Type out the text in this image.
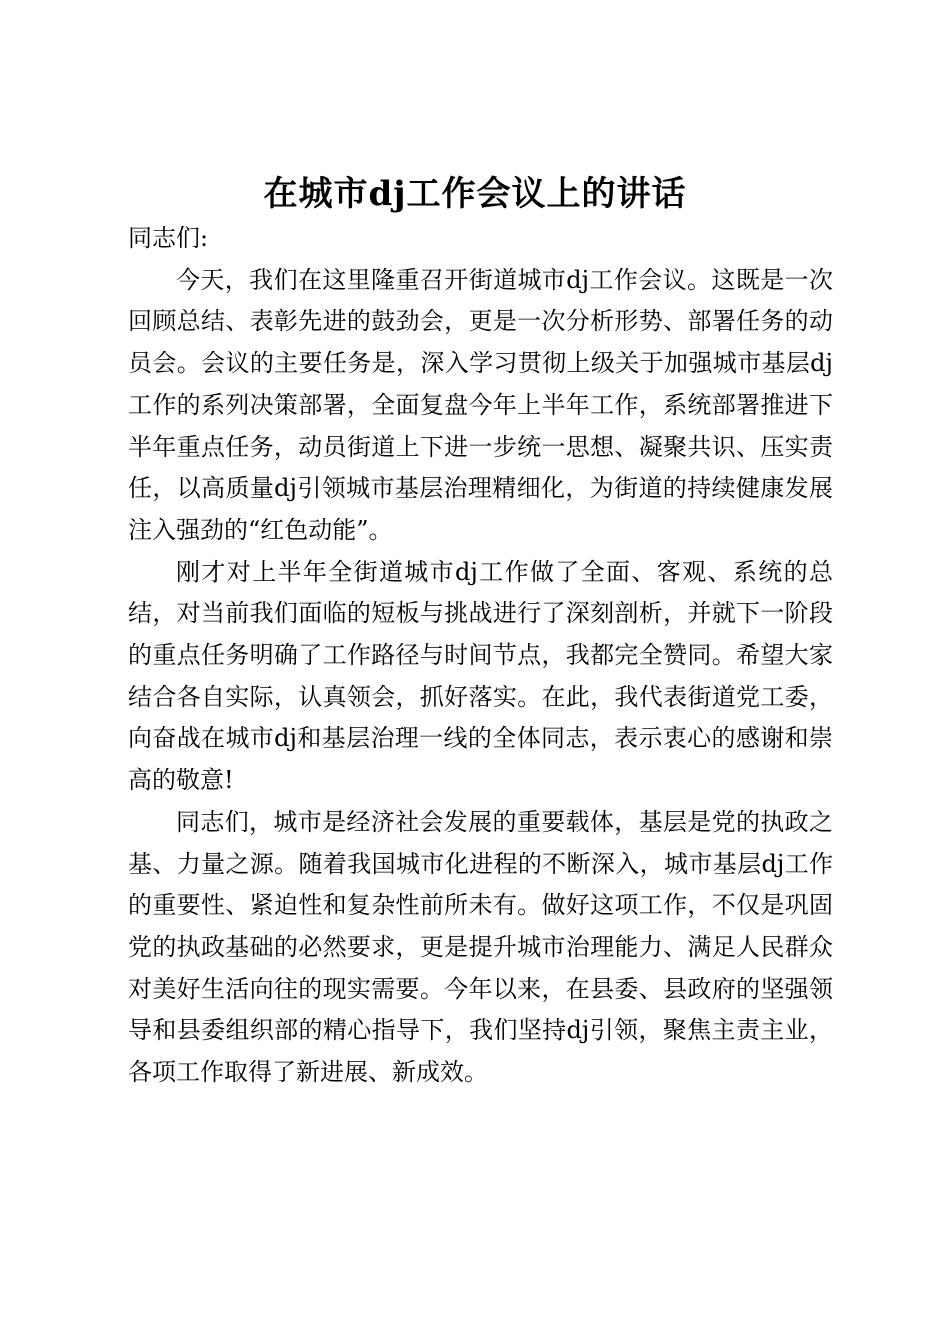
在城市dj工作会议上的讲话

同志们:

今天，我们在这里隆重召开街道城市dj工作会议。这既是一次回顾总结、表彰先进的鼓劲会，更是一次分析形势、部署任务的动员会。会议的主要任务是，深入学习贯彻上级关于加强城市基层dj工作的系列决策部署，全面复盘今年上半年工作，系统部署推进下半年重点任务，动员街道上下进一步统一思想、凝聚共识、压实责任，以高质量dj引领城市基层治理精细化，为街道的持续健康发展注入强劲的“红色动能”。

刚才对上半年全街道城市dj工作做了全面、客观、系统的总结，对当前我们面临的短板与挑战进行了深刻剖析，并就下一阶段的重点任务明确了工作路径与时间节点，我都完全赞同。希望大家结合各自实际，认真领会，抓好落实。在此，我代表街道党工委，向奋战在城市dj和基层治理一线的全体同志，表示衷心的感谢和崇高的敬意!

同志们，城市是经济社会发展的重要载体，基层是党的执政之基、力量之源。随着我国城市化进程的不断深入，城市基层dj工作的重要性、紧迫性和复杂性前所未有。做好这项工作，不仅是巩固党的执政基础的必然要求，更是提升城市治理能力、满足人民群众对美好生活向往的现实需要。今年以来，在县委、县政府的坚强领导和县委组织部的精心指导下，我们坚持dj引领，聚焦主责主业，各项工作取得了新进展、新成效。
